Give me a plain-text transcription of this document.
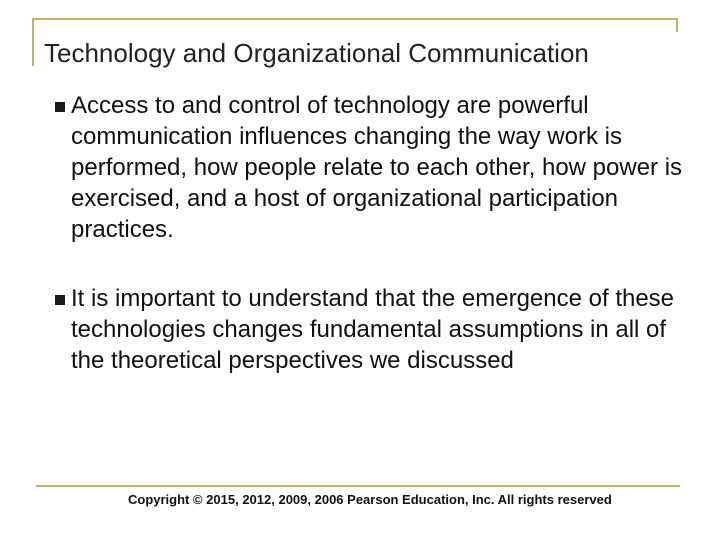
Technology and Organizational Communication

Access to and control of technology are powerful communication influences changing the way work is performed, how people relate to each other, how power is exercised, and a host of organizational participation practices.

It is important to understand that the emergence of these technologies changes fundamental assumptions in all of the theoretical perspectives we discussed

Copyright © 2015, 2012, 2009, 2006 Pearson Education, Inc. All rights reserved
